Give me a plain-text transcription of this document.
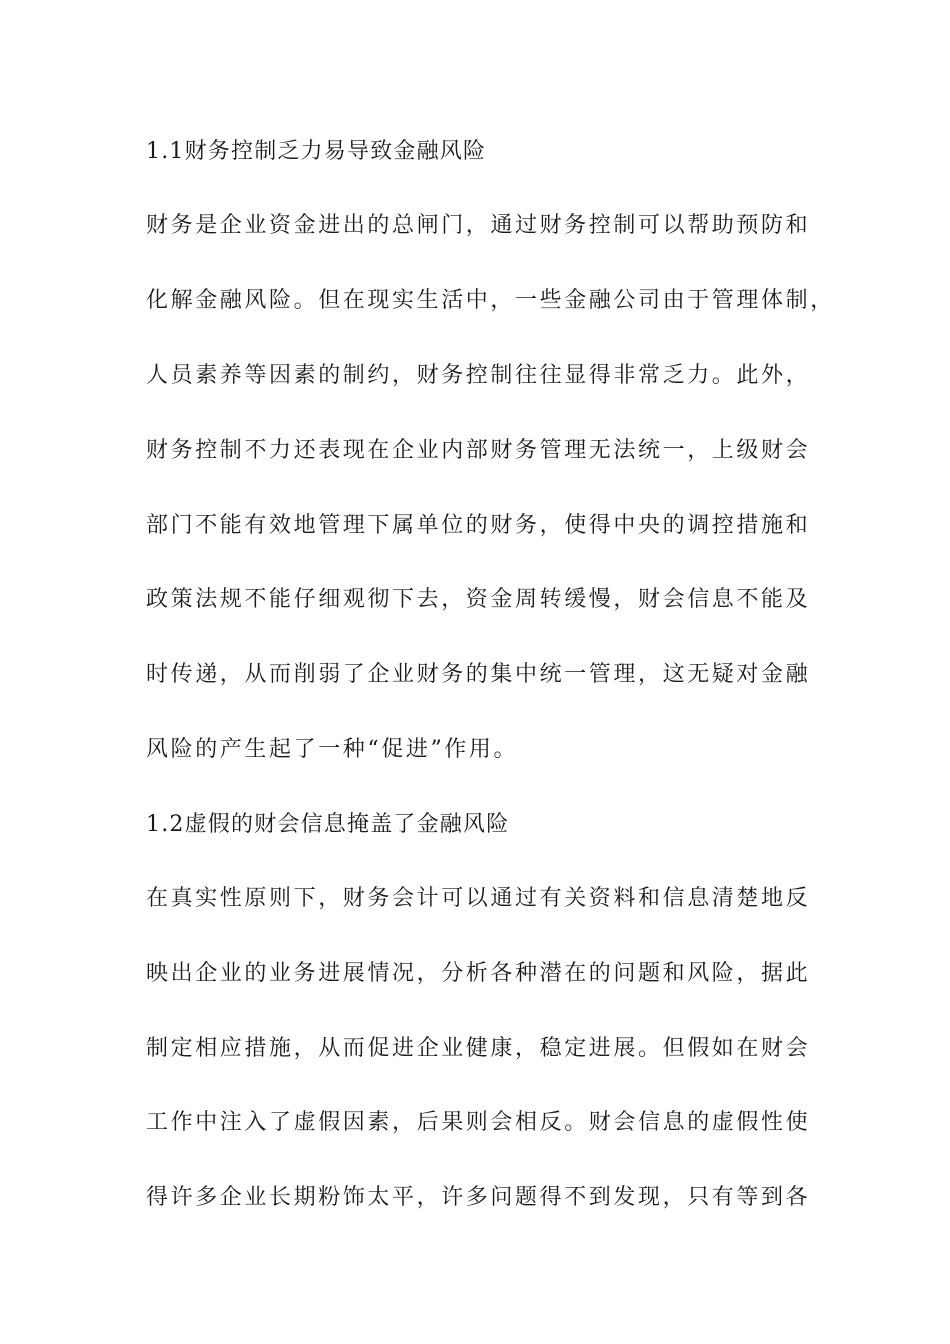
1.1财务控制乏力易导致金融风险
财务是企业资金进出的总闸门，通过财务控制可以帮助预防和
化解金融风险。但在现实生活中，一些金融公司由于管理体制，
人员素养等因素的制约，财务控制往往显得非常乏力。此外，
财务控制不力还表现在企业内部财务管理无法统一，上级财会
部门不能有效地管理下属单位的财务，使得中央的调控措施和
政策法规不能仔细观彻下去，资金周转缓慢，财会信息不能及
时传递，从而削弱了企业财务的集中统一管理，这无疑对金融
风险的产生起了一种“促进”作用。
1.2虚假的财会信息掩盖了金融风险
在真实性原则下，财务会计可以通过有关资料和信息清楚地反
映出企业的业务进展情况，分析各种潜在的问题和风险，据此
制定相应措施，从而促进企业健康，稳定进展。但假如在财会
工作中注入了虚假因素，后果则会相反。财会信息的虚假性使
得许多企业长期粉饰太平，许多问题得不到发现，只有等到各
